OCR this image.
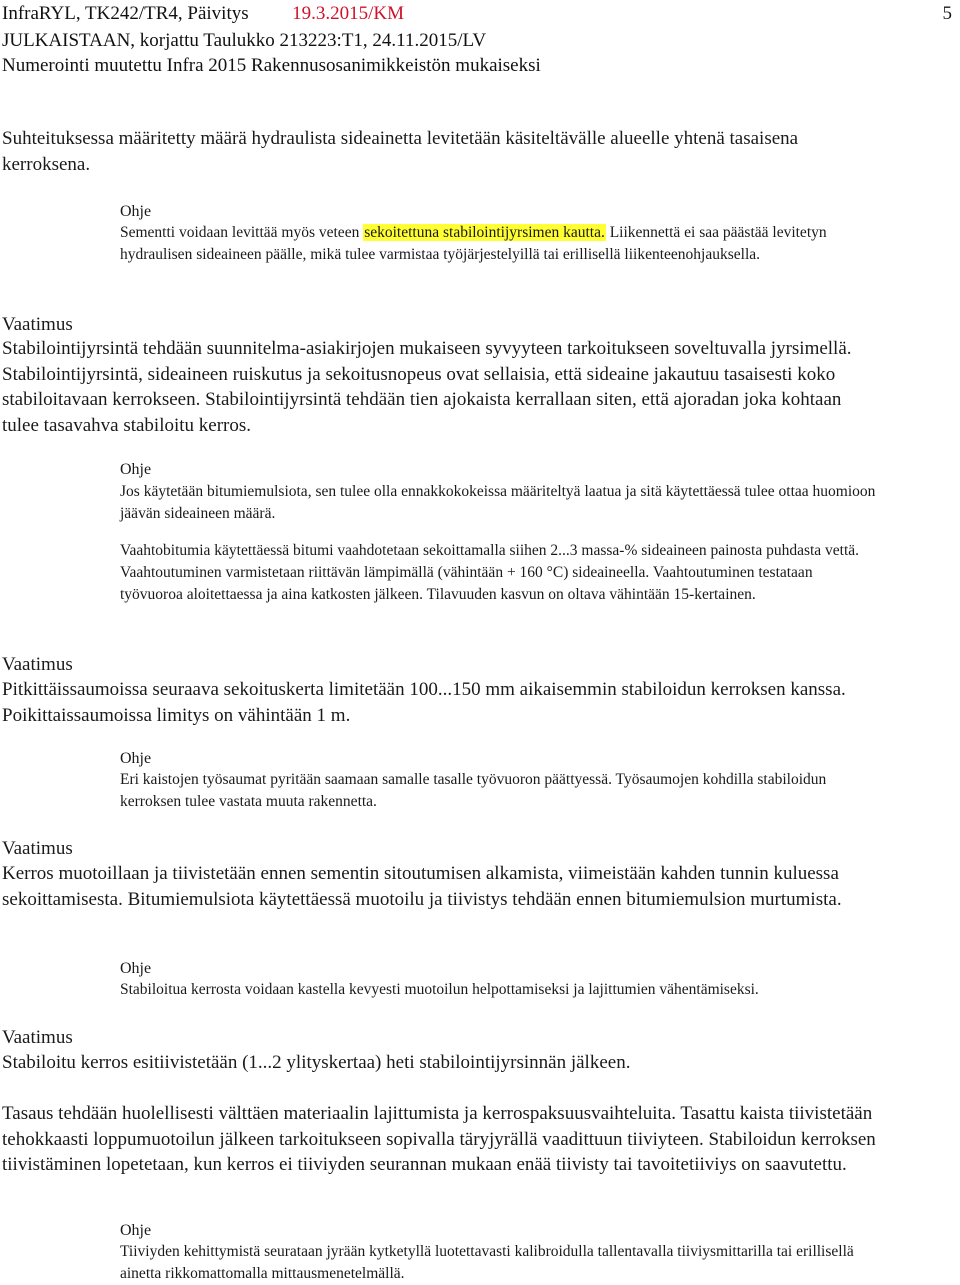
InfraRYL, TK242/TR4, Päivitys 19.3.2015/KM	5
JULKAISTAAN, korjattu Taulukko 213223:T1, 24.11.2015/LV
Numerointi muutettu Infra 2015 Rakennusosanimikkeistön mukaiseksi

Suhteituksessa määritetty määrä hydraulista sideainetta levitetään käsiteltävälle alueelle yhtenä tasaisena kerroksena.

Ohje

Sementti voidaan levittää myös veteen sekoitettuna stabilointijyrsimen kautta. Liikennettä ei saa päästää levitetyn hydraulisen sideaineen päälle, mikä tulee varmistaa työjärjestelyillä tai erillisellä liikenteenohjauksella.

Vaatimus

Stabilointijyrsintä tehdään suunnitelma-asiakirjojen mukaiseen syvyyteen tarkoitukseen soveltuvalla jyrsimellä. Stabilointijyrsintä, sideaineen ruiskutus ja sekoitusnopeus ovat sellaisia, että sideaine jakautuu tasaisesti koko stabiloitavaan kerrokseen. Stabilointijyrsintä tehdään tien ajokaista kerrallaan siten, että ajoradan joka kohtaan tulee tasavahva stabiloitu kerros.

Ohje

Jos käytetään bitumiemulsiota, sen tulee olla ennakkokokeissa määriteltyä laatua ja sitä käytettäessä tulee ottaa huomioon jäävän sideaineen määrä.

Vaahtobitumia käytettäessä bitumi vaahdotetaan sekoittamalla siihen 2...3 massa-% sideaineen painosta puhdasta vettä. Vaahtoutuminen varmistetaan riittävän lämpimällä (vähintään + 160 °C) sideaineella. Vaahtoutuminen testataan työvuoroa aloitettaessa ja aina katkosten jälkeen. Tilavuuden kasvun on oltava vähintään 15-kertainen.

Vaatimus

Pitkittäissaumoissa seuraava sekoituskerta limitetään 100...150 mm aikaisemmin stabiloidun kerroksen kanssa. Poikittaissaumoissa limitys on vähintään 1 m.

Ohje

Eri kaistojen työsaumat pyritään saamaan samalle tasalle työvuoron päättyessä. Työsaumojen kohdilla stabiloidun kerroksen tulee vastata muuta rakennetta.

Vaatimus

Kerros muotoillaan ja tiivistetään ennen sementin sitoutumisen alkamista, viimeistään kahden tunnin kuluessa sekoittamisesta. Bitumiemulsiota käytettäessä muotoilu ja tiivistys tehdään ennen bitumiemulsion murtumista.

Ohje

Stabiloitua kerrosta voidaan kastella kevyesti muotoilun helpottamiseksi ja lajittumien vähentämiseksi.

Vaatimus

Stabiloitu kerros esitiivistetään (1...2 ylityskertaa) heti stabilointijyrsinnän jälkeen.

Tasaus tehdään huolellisesti välttäen materiaalin lajittumista ja kerrospaksuusvaihteluita. Tasattu kaista tiivistetään tehokkaasti loppumuotoilun jälkeen tarkoitukseen sopivalla täryjyrällä vaadittuun tiiviyteen. Stabiloidun kerroksen tiivistäminen lopetetaan, kun kerros ei tiiviyden seurannan mukaan enää tiivisty tai tavoitetiiviys on saavutettu.

Ohje

Tiiviyden kehittymistä seurataan jyrään kytketyllä luotettavasti kalibroidulla tallentavalla tiiviysmittarilla tai erillisellä ainetta rikkomattomalla mittausmenetelmällä.
